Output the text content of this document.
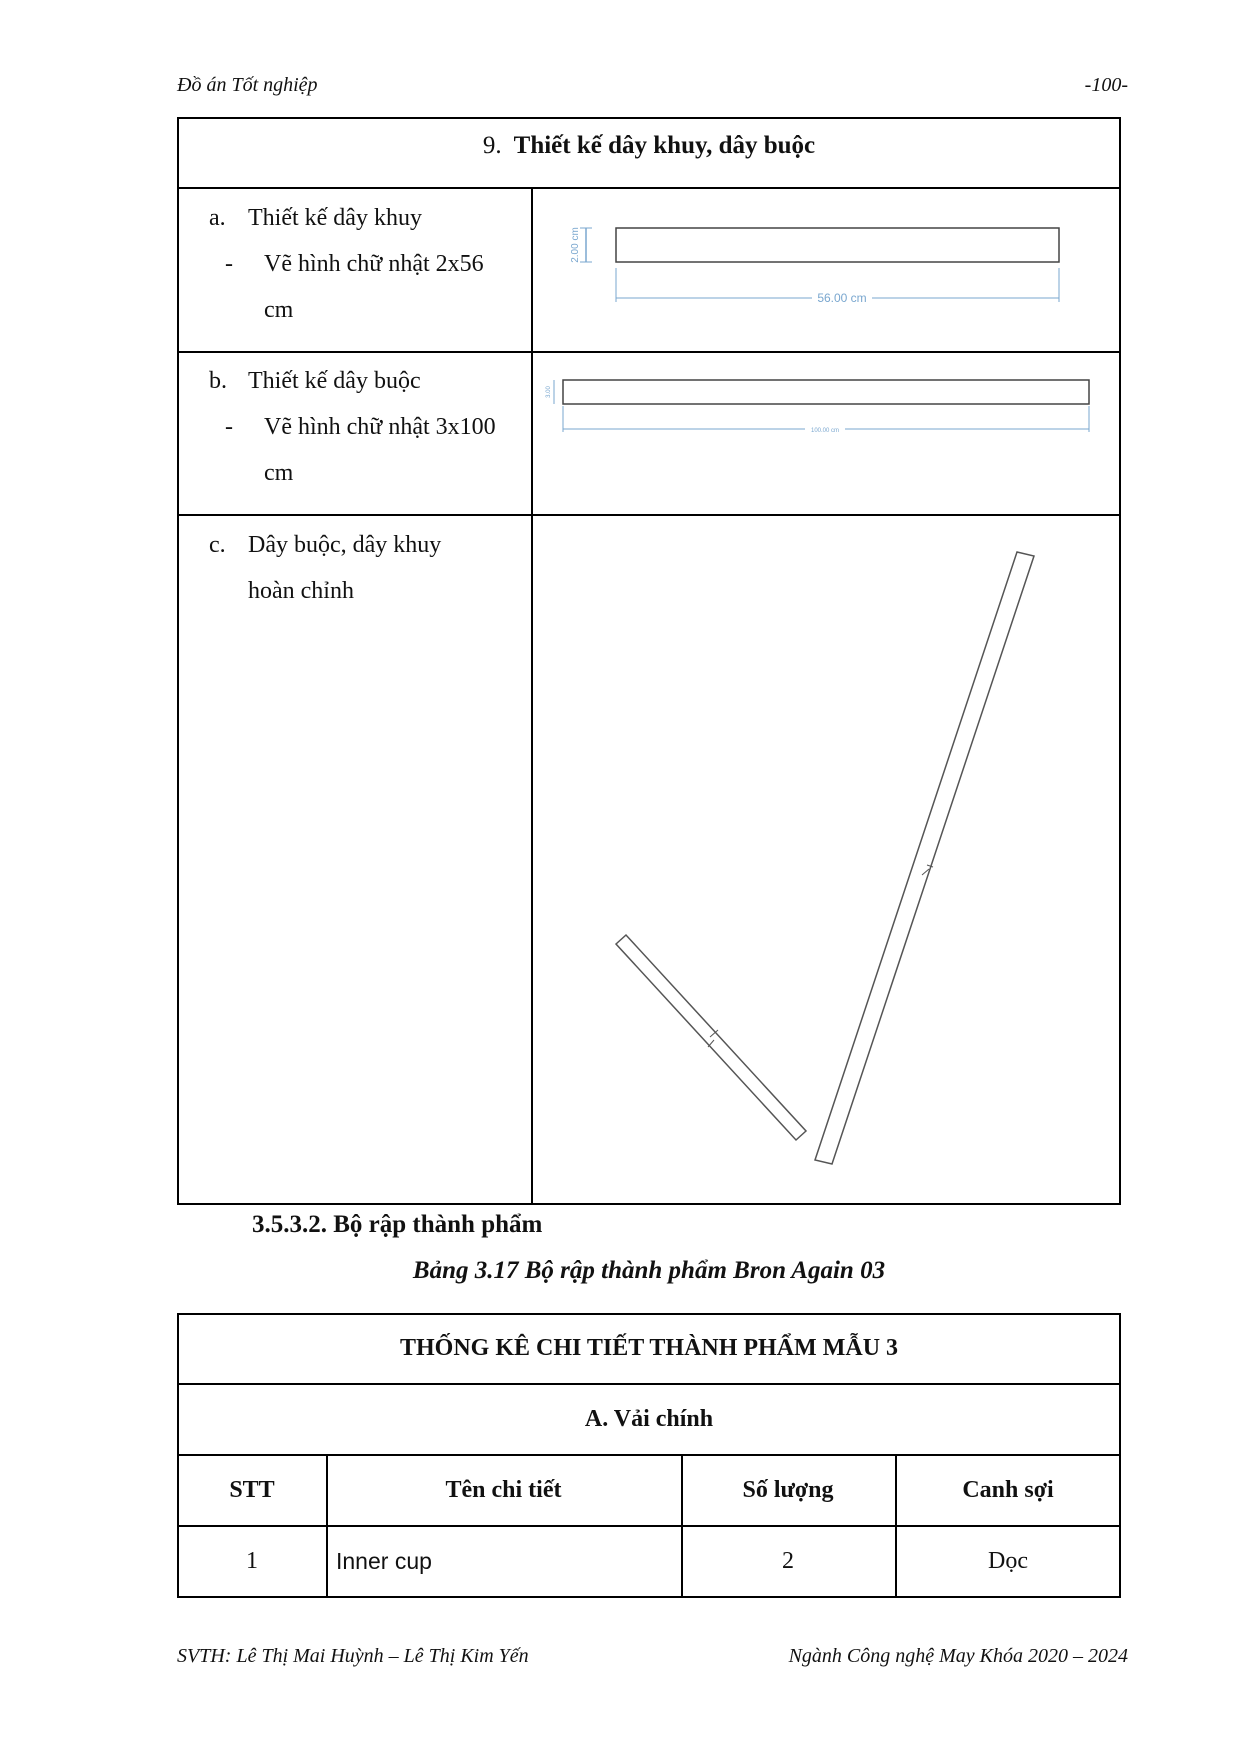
Đồ án Tốt nghiệp	-100-
9. Thiết kế dây khuy, dây buộc
a. Thiết kế dây khuy
- Vẽ hình chữ nhật 2x56
cm
2.00 cm
56.00 cm
b. Thiết kế dây buộc
- Vẽ hình chữ nhật 3x100
cm
3.00
100.00 cm
c. Dây buộc, dây khuy
hoàn chỉnh
3.5.3.2. Bộ rập thành phẩm
Bảng 3.17 Bộ rập thành phẩm Bron Again 03
THỐNG KÊ CHI TIẾT THÀNH PHẨM MẪU 3
A. Vải chính
STT	Tên chi tiết	Số lượng	Canh sợi
1	Inner cup	2	Dọc
SVTH: Lê Thị Mai Huỳnh – Lê Thị Kim Yến	Ngành Công nghệ May Khóa 2020 – 2024
